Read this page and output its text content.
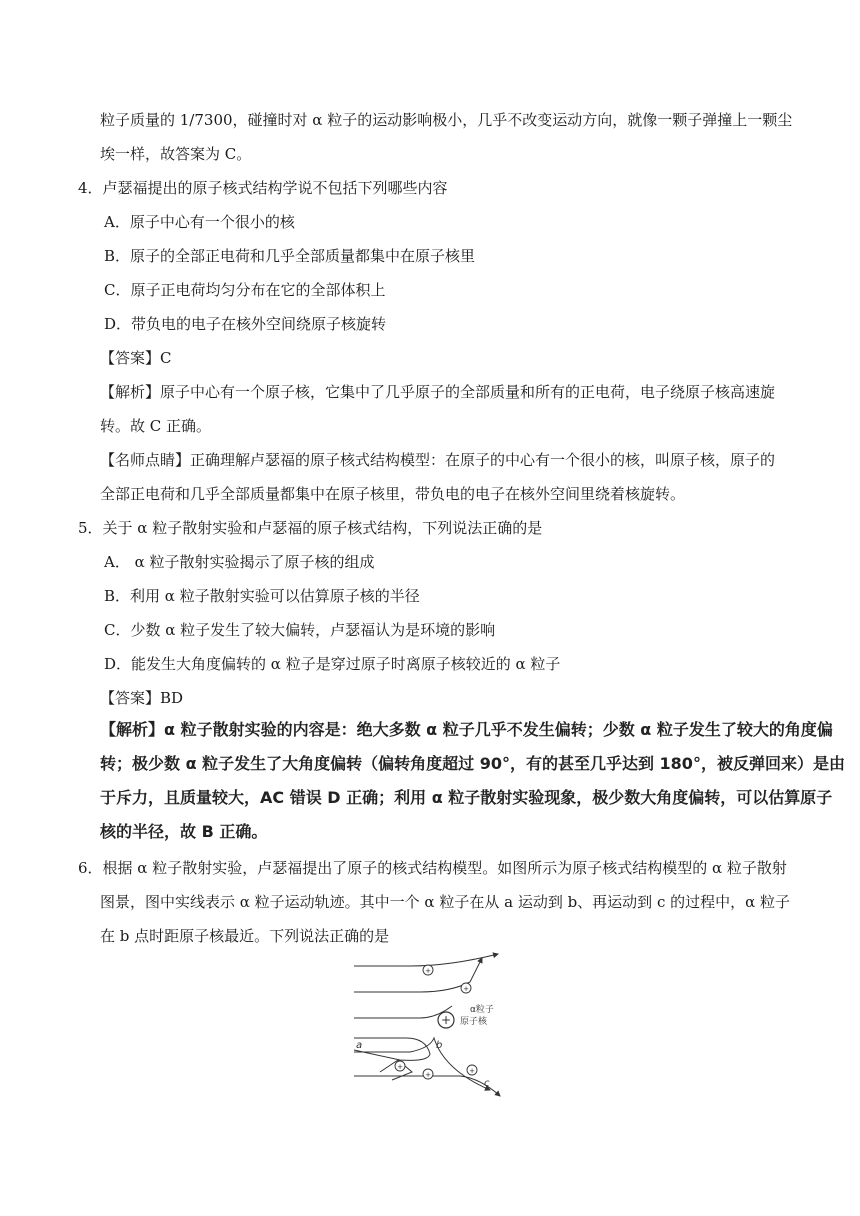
粒子质量的 1/7300，碰撞时对 α 粒子的运动影响极小，几乎不改变运动方向，就像一颗子弹撞上一颗尘
埃一样，故答案为 C。
4．卢瑟福提出的原子核式结构学说不包括下列哪些内容
A．原子中心有一个很小的核
B．原子的全部正电荷和几乎全部质量都集中在原子核里
C．原子正电荷均匀分布在它的全部体积上
D．带负电的电子在核外空间绕原子核旋转
【答案】C
【解析】原子中心有一个原子核，它集中了几乎原子的全部质量和所有的正电荷，电子绕原子核高速旋
转。故 C 正确。
【名师点睛】正确理解卢瑟福的原子核式结构模型：在原子的中心有一个很小的核，叫原子核，原子的
全部正电荷和几乎全部质量都集中在原子核里，带负电的电子在核外空间里绕着核旋转。
5．关于 α 粒子散射实验和卢瑟福的原子核式结构，下列说法正确的是
A． α 粒子散射实验揭示了原子核的组成
B．利用 α 粒子散射实验可以估算原子核的半径
C．少数 α 粒子发生了较大偏转，卢瑟福认为是环境的影响
D．能发生大角度偏转的 α 粒子是穿过原子时离原子核较近的 α 粒子
【答案】BD
【解析】α 粒子散射实验的内容是：绝大多数 α 粒子几乎不发生偏转；少数 α 粒子发生了较大的角度偏
转；极少数 α 粒子发生了大角度偏转（偏转角度超过 90°，有的甚至几乎达到 180°，被反弹回来）是由
于斥力，且质量较大，AC 错误 D 正确；利用 α 粒子散射实验现象，极少数大角度偏转，可以估算原子
核的半径，故 B 正确。
6．根据 α 粒子散射实验，卢瑟福提出了原子的核式结构模型。如图所示为原子核式结构模型的 α 粒子散射
图景，图中实线表示 α 粒子运动轨迹。其中一个 α 粒子在从 a 运动到 b、再运动到 c 的过程中，α 粒子
在 b 点时距原子核最近。下列说法正确的是
+
+
+
+	+
+
α粒子
原子核
a	b
c
